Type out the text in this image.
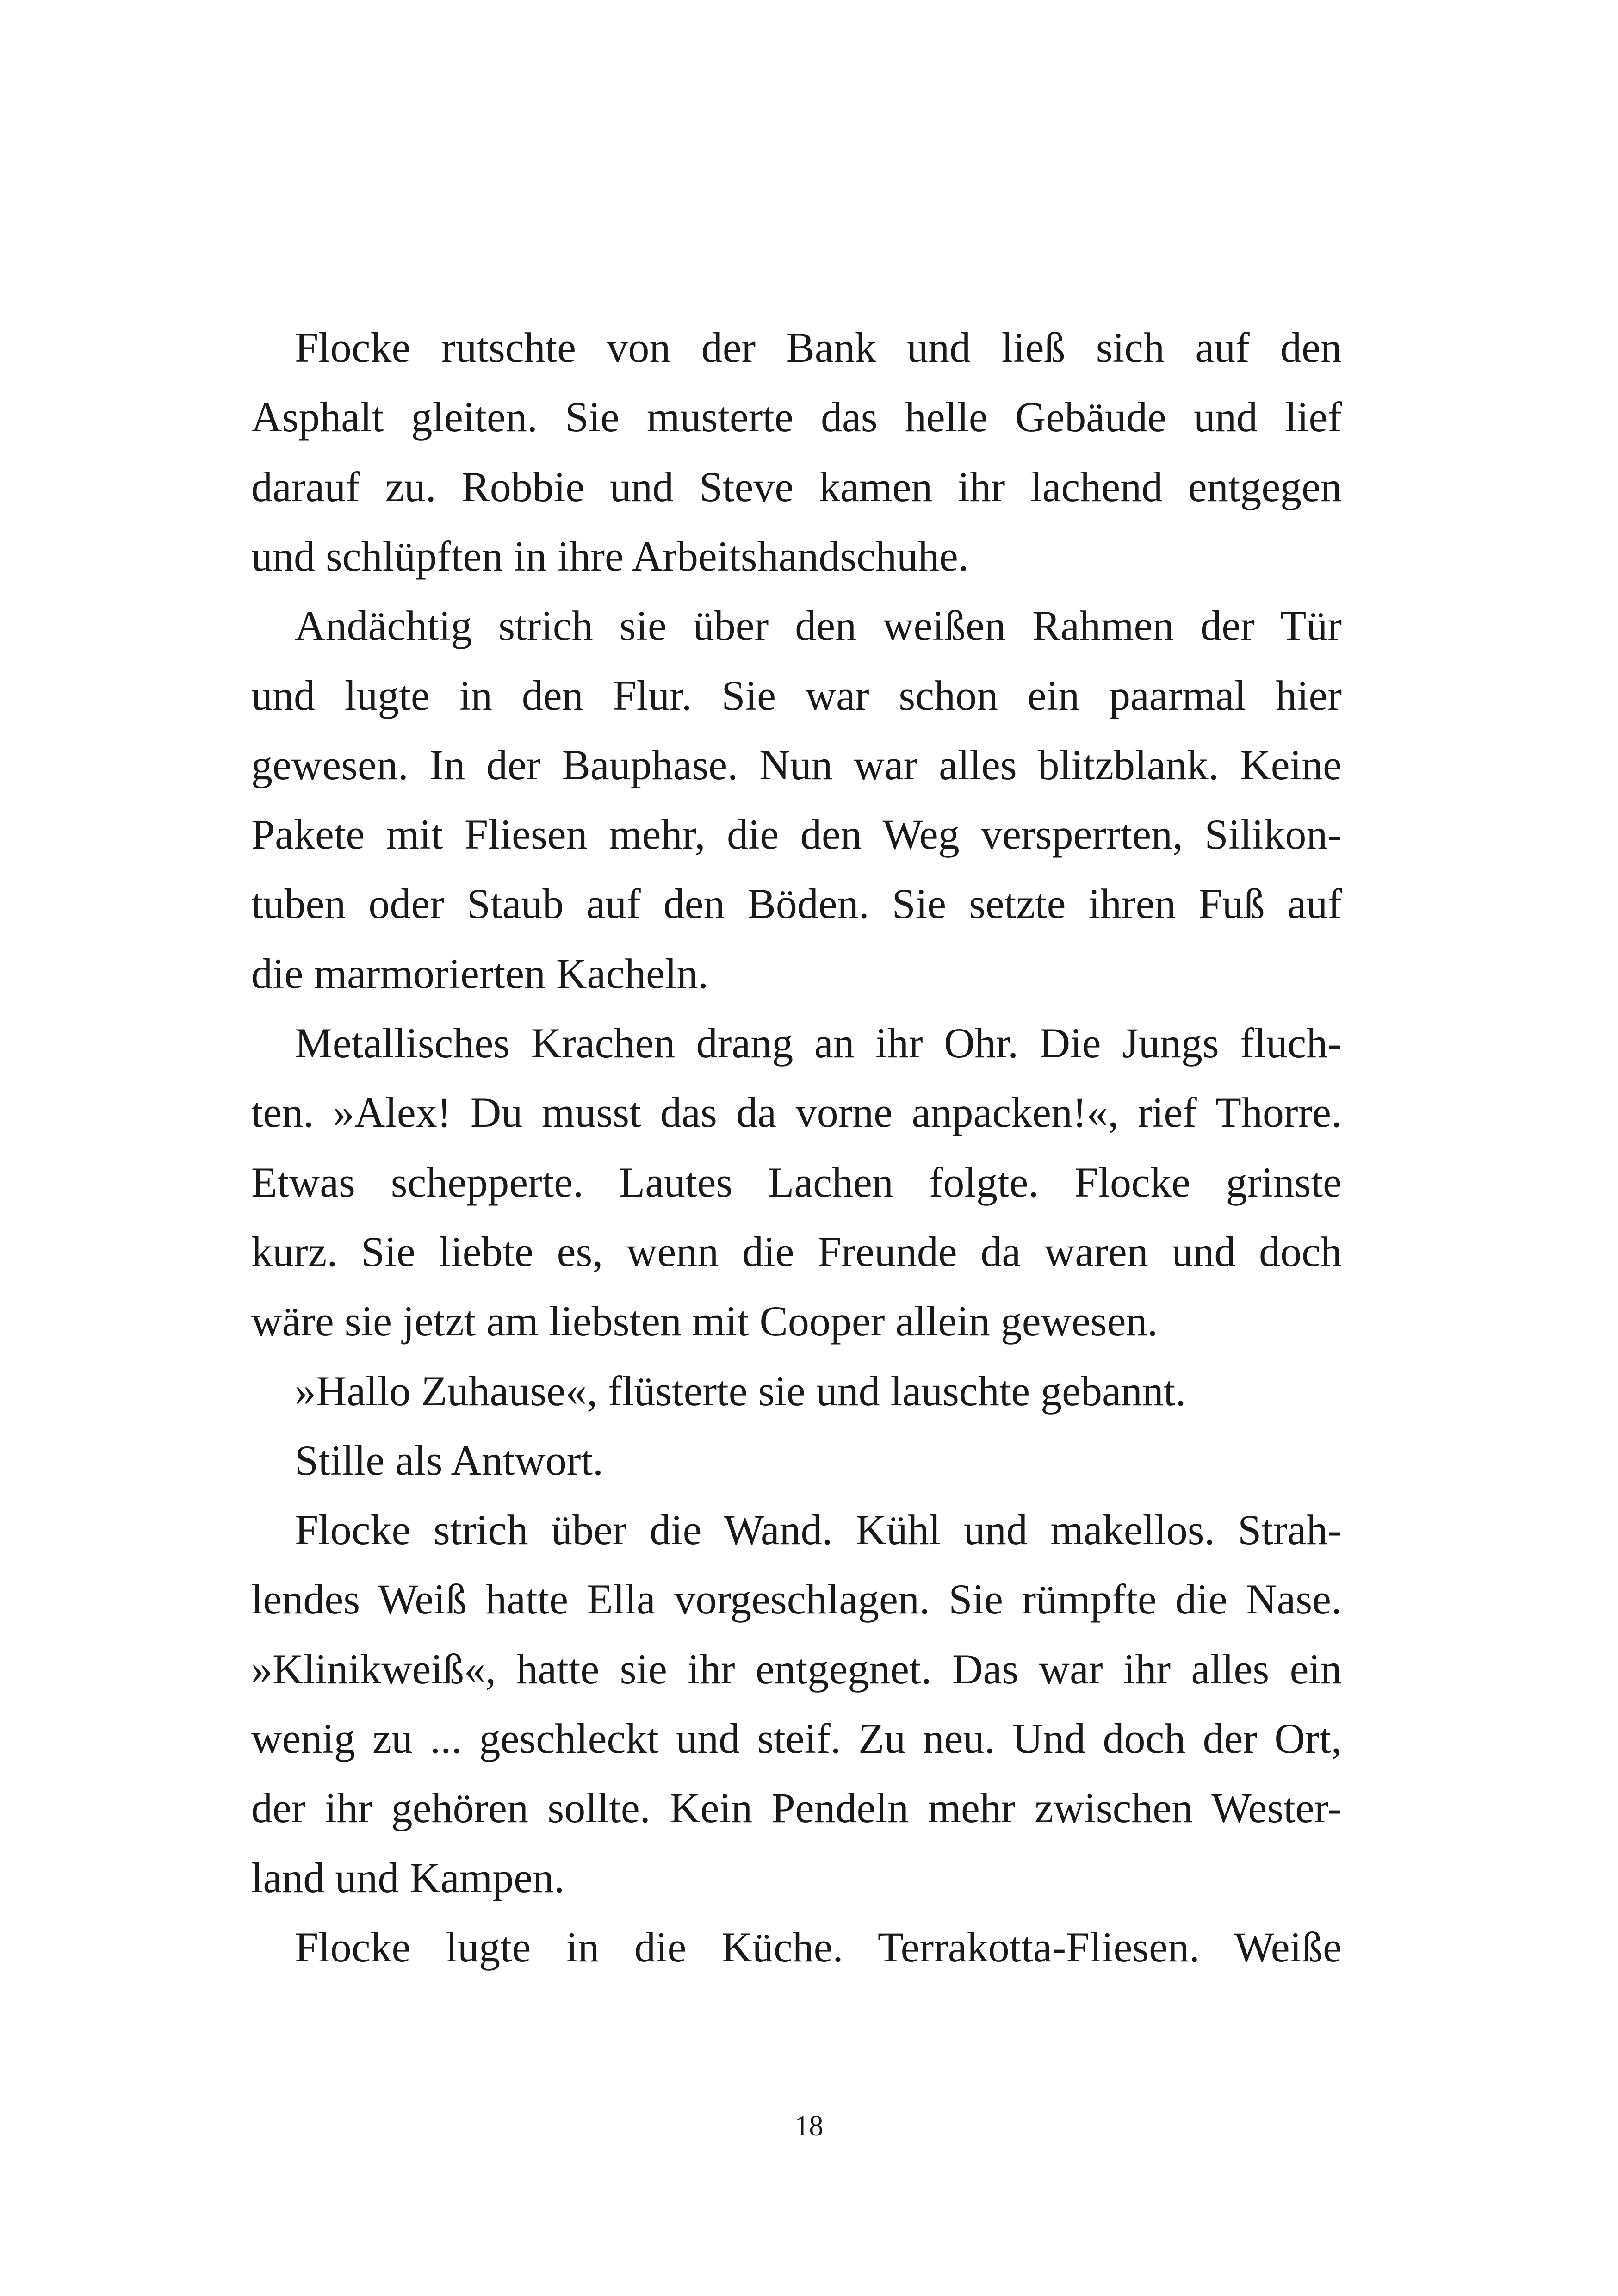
Flocke rutschte von der Bank und ließ sich auf den
Asphalt gleiten. Sie musterte das helle Gebäude und lief
darauf zu. Robbie und Steve kamen ihr lachend entgegen
und schlüpften in ihre Arbeitshandschuhe.
Andächtig strich sie über den weißen Rahmen der Tür
und lugte in den Flur. Sie war schon ein paarmal hier
gewesen. In der Bauphase. Nun war alles blitzblank. Keine
Pakete mit Fliesen mehr, die den Weg versperrten, Silikon-
tuben oder Staub auf den Böden. Sie setzte ihren Fuß auf
die marmorierten Kacheln.
Metallisches Krachen drang an ihr Ohr. Die Jungs fluch-
ten. »Alex! Du musst das da vorne anpacken!«, rief Thorre.
Etwas schepperte. Lautes Lachen folgte. Flocke grinste
kurz. Sie liebte es, wenn die Freunde da waren und doch
wäre sie jetzt am liebsten mit Cooper allein gewesen.
»Hallo Zuhause«, flüsterte sie und lauschte gebannt.
Stille als Antwort.
Flocke strich über die Wand. Kühl und makellos. Strah-
lendes Weiß hatte Ella vorgeschlagen. Sie rümpfte die Nase.
»Klinikweiß«, hatte sie ihr entgegnet. Das war ihr alles ein
wenig zu ... geschleckt und steif. Zu neu. Und doch der Ort,
der ihr gehören sollte. Kein Pendeln mehr zwischen Wester-
land und Kampen.
Flocke lugte in die Küche. Terrakotta-Fliesen. Weiße
18
